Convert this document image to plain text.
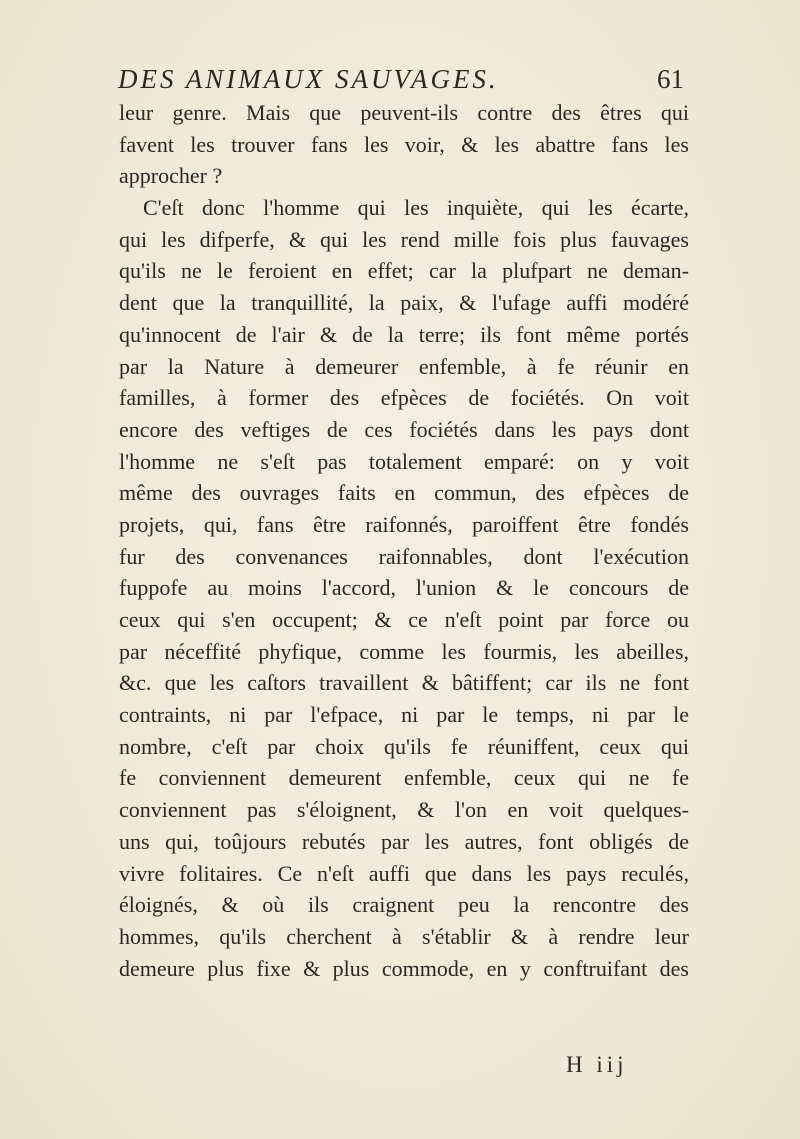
DES ANIMAUX SAUVAGES.	61
leur genre. Mais que peuvent-ils contre des êtres qui
favent les trouver fans les voir, & les abattre fans les
approcher ?
C'eſt donc l'homme qui les inquiète, qui les écarte,
qui les difperfe, & qui les rend mille fois plus fauvages
qu'ils ne le feroient en effet; car la plufpart ne deman-
dent que la tranquillité, la paix, & l'ufage auffi modéré
qu'innocent de l'air & de la terre; ils font même portés
par la Nature à demeurer enfemble, à fe réunir en
familles, à former des efpèces de fociétés. On voit
encore des veftiges de ces fociétés dans les pays dont
l'homme ne s'eſt pas totalement emparé: on y voit
même des ouvrages faits en commun, des efpèces de
projets, qui, fans être raifonnés, paroiffent être fondés
fur des convenances raifonnables, dont l'exécution
fuppofe au moins l'accord, l'union & le concours de
ceux qui s'en occupent; & ce n'eſt point par force ou
par néceffité phyfique, comme les fourmis, les abeilles,
&c. que les caſtors travaillent & bâtiffent; car ils ne font
contraints, ni par l'efpace, ni par le temps, ni par le
nombre, c'eſt par choix qu'ils fe réuniffent, ceux qui
fe conviennent demeurent enfemble, ceux qui ne fe
conviennent pas s'éloignent, & l'on en voit quelques-
uns qui, toûjours rebutés par les autres, font obligés de
vivre folitaires. Ce n'eſt auffi que dans les pays reculés,
éloignés, & où ils craignent peu la rencontre des
hommes, qu'ils cherchent à s'établir & à rendre leur
demeure plus fixe & plus commode, en y conftruifant des
H iij
